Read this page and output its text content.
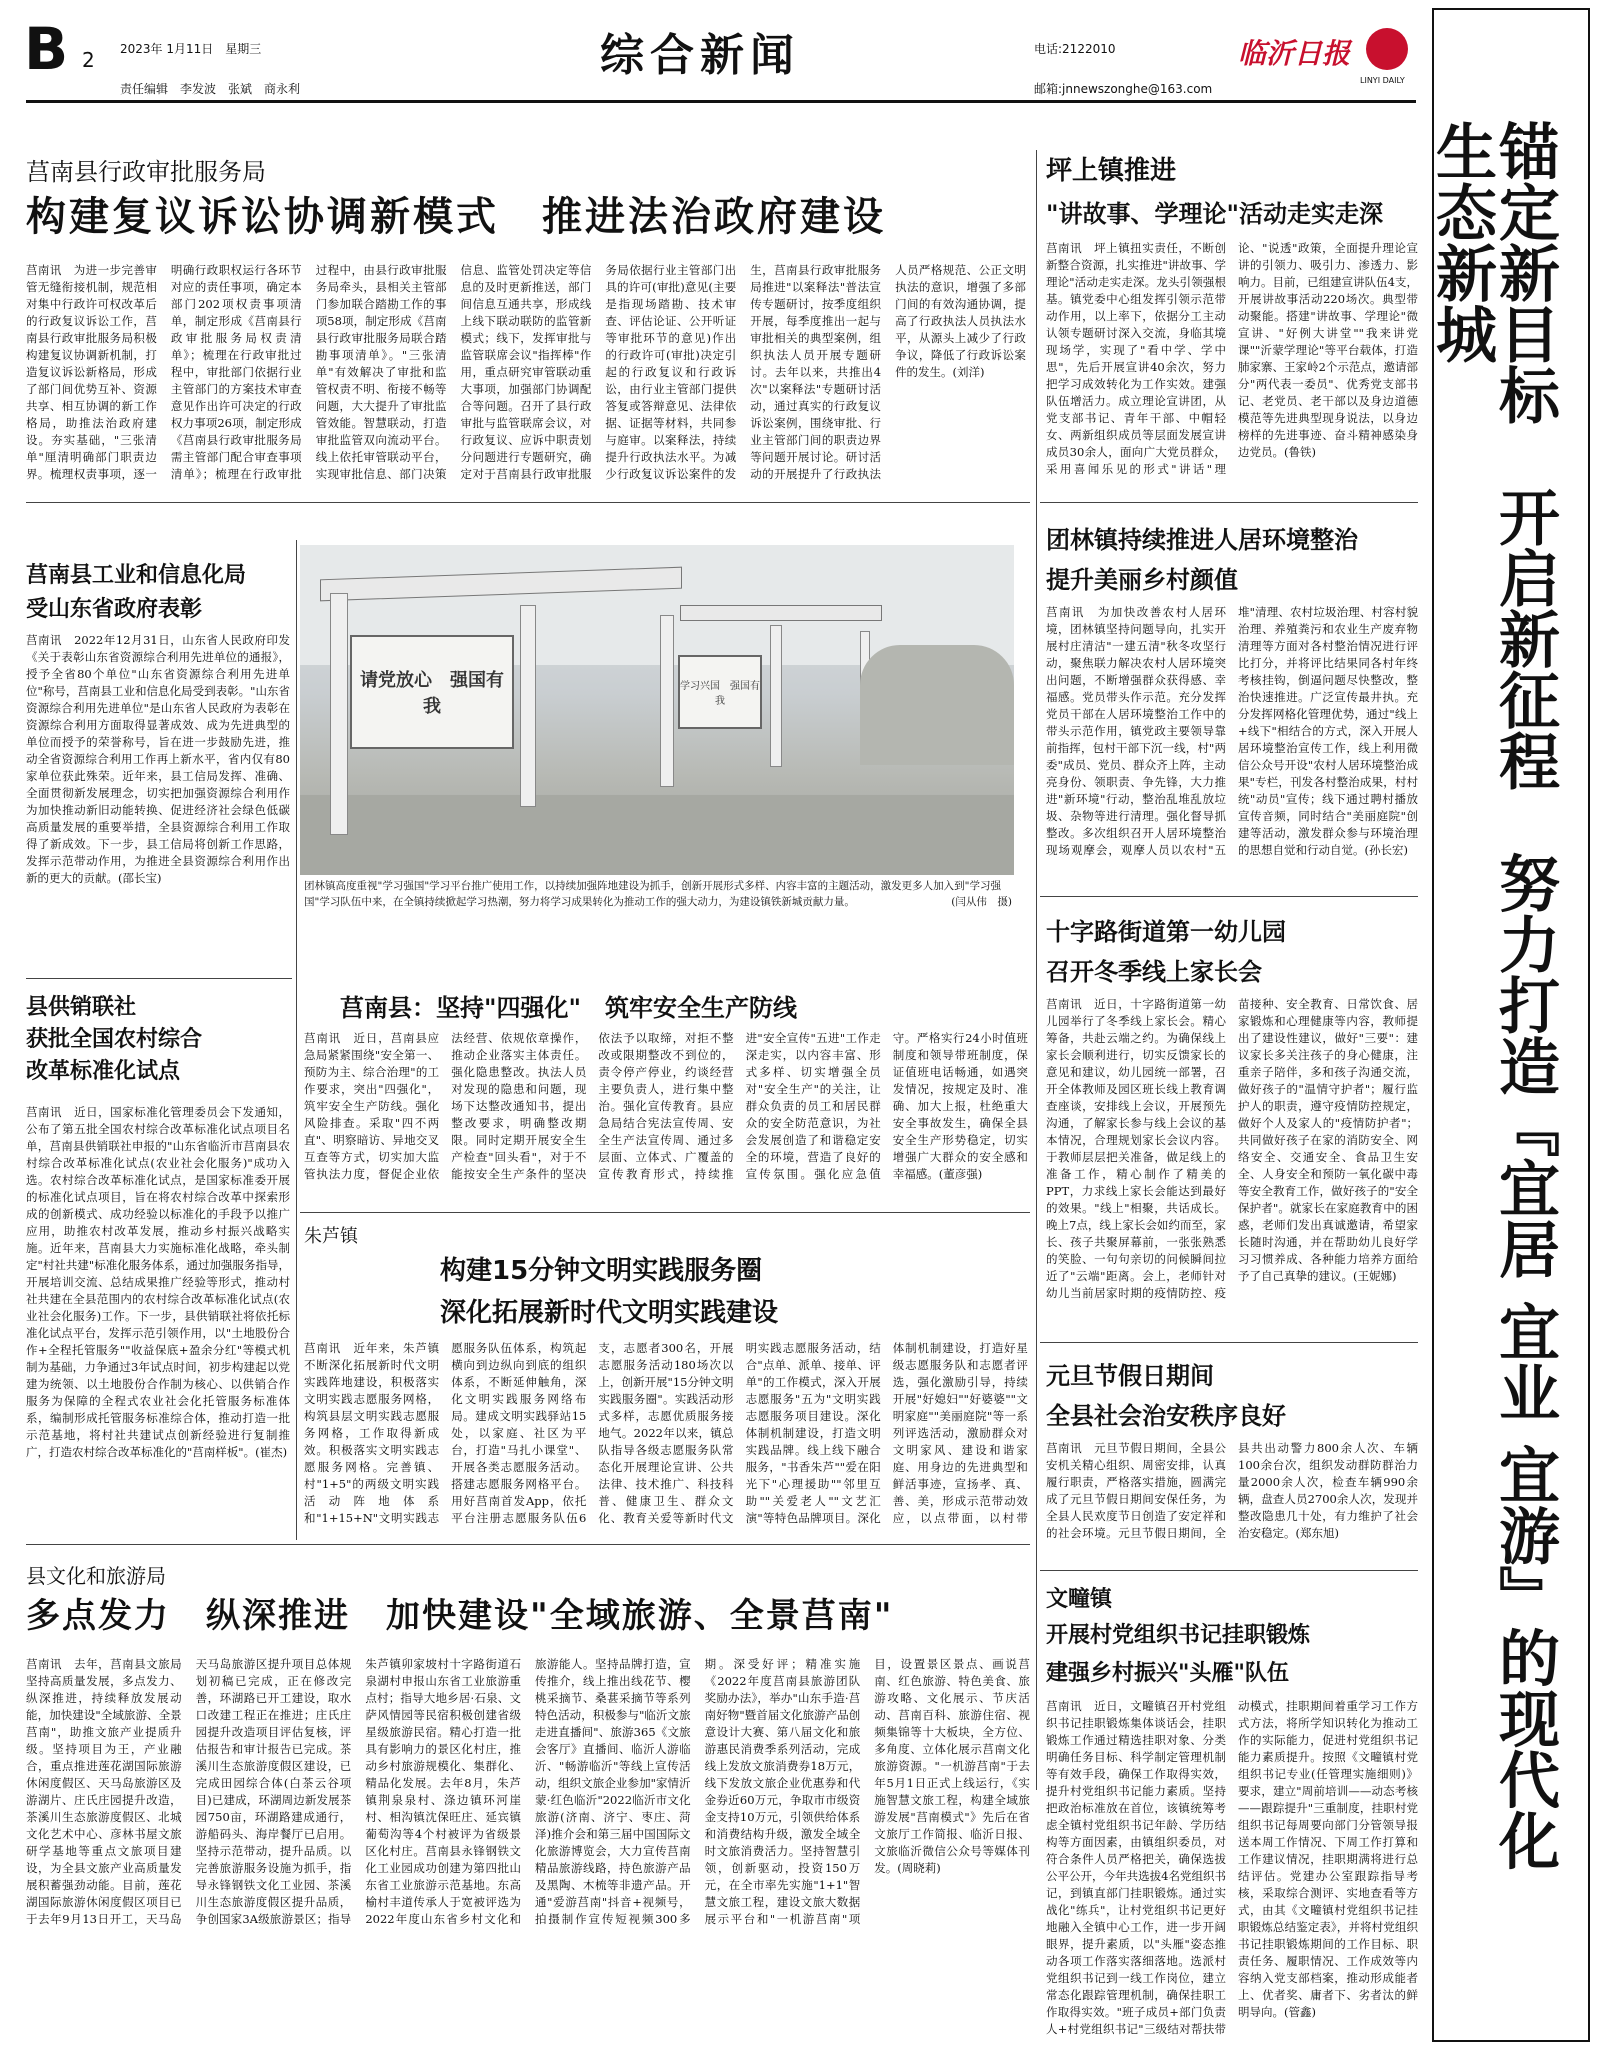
B 2 2023年 1月11日　星期三
责任编辑　李发波　张斌　商永利
综合新闻	电话:2122010
邮箱:jnnewszonghe@163.com
临沂日报
LINYI DAILY
锚定新目标　开启新征程　努力打造『宜居 宜业 宜游』的现代化生态新城
莒南县行政审批服务局
构建复议诉讼协调新模式　推进法治政府建设
莒南讯　为进一步完善审管无缝衔接机制，规范相对集中行政许可权改革后的行政复议诉讼工作，莒南县行政审批服务局积极构建复议协调新机制，打造复议诉讼新格局，形成了部门间优势互补、资源共享、相互协调的新工作格局，助推法治政府建设。夯实基础，"三张清单"厘清明确部门职责边界。梳理权责事项，逐一明确行政职权运行各环节对应的责任事项，确定本部门202项权责事项清单，制定形成《莒南县行政审批服务局权责清单》；梳理在行政审批过程中，审批部门依据行业主管部门的方案技术审查意见作出许可决定的行政权力事项26项，制定形成《莒南县行政审批服务局需主管部门配合审查事项清单》；梳理在行政审批过程中，由县行政审批服务局牵头，县相关主管部门参加联合踏勘工作的事项58项，制定形成《莒南县行政审批服务局联合踏勘事项清单》。"三张清单"有效解决了审批和监管权责不明、衔接不畅等问题，大大提升了审批监管效能。智慧联动，打造审批监管双向流动平台。线上依托审管联动平台，实现审批信息、部门决策信息、监管处罚决定等信息的及时更新推送，部门间信息互通共享，形成线上线下联动联防的监管新模式；线下，发挥审批与监管联席会议"指挥棒"作用，重点研究审管联动重大事项，加强部门协调配合等问题。召开了县行政审批与监管联席会议，对行政复议、应诉中职责划分问题进行专题研究，确定对于莒南县行政审批服务局依据行业主管部门出具的许可(审批)意见(主要是指现场踏勘、技术审查、评估论证、公开听证等审批环节的意见)作出的行政许可(审批)决定引起的行政复议和行政诉讼，由行业主管部门提供答复或答辩意见、法律依据、证据等材料，共同参与庭审。以案释法，持续提升行政执法水平。为减少行政复议诉讼案件的发生，莒南县行政审批服务局推进"以案释法"普法宣传专题研讨，按季度组织开展，每季度推出一起与审批相关的典型案例，组织执法人员开展专题研讨。去年以来，共推出4次"以案释法"专题研讨活动，通过真实的行政复议诉讼案例，围绕审批、行业主管部门间的职责边界等问题开展讨论。研讨活动的开展提升了行政执法人员严格规范、公正文明执法的意识，增强了多部门间的有效沟通协调，提高了行政执法人员执法水平，从源头上减少了行政争议，降低了行政诉讼案件的发生。(刘洋)
坪上镇推进
"讲故事、学理论"活动走实走深
莒南讯　坪上镇扭实责任，不断创新整合资源，扎实推进"讲故事、学理论"活动走实走深。龙头引领强根基。镇党委中心组发挥引领示范带动作用，以上率下，依据分工主动认领专题研讨深入交流，身临其境现场学，实现了"看中学、学中思"，先后开展宣讲40余次，努力把学习成效转化为工作实效。建强队伍增活力。成立理论宣讲团，从党支部书记、青年干部、中帽轻女、两新组织成员等层面发展宣讲成员30余人，面向广大党员群众，采用喜闻乐见的形式"讲话"理论、"说透"政策，全面提升理论宣讲的引领力、吸引力、渗透力、影响力。目前，已组建宣讲队伍4支，开展讲故事活动220场次。典型带动聚能。搭建"讲故事、学理论"微宣讲、"好例大讲堂""我来讲党课""沂蒙学理论"等平台载体，打造肺家寨、王家岭2个示范点，邀请部分"两代表一委员"、优秀党支部书记、老党员、老干部以及身边道德模范等先进典型现身说法，以身边榜样的先进事迹、奋斗精神感染身边党员。(鲁铁)
莒南县工业和信息化局
受山东省政府表彰
莒南讯　2022年12月31日，山东省人民政府印发《关于表彰山东省资源综合利用先进单位的通报》，授予全省80个单位"山东省资源综合利用先进单位"称号，莒南县工业和信息化局受到表彰。"山东省资源综合利用先进单位"是山东省人民政府为表彰在资源综合利用方面取得显著成效、成为先进典型的单位而授予的荣誉称号，旨在进一步鼓励先进，推动全省资源综合利用工作再上新水平，省内仅有80家单位获此殊荣。近年来，县工信局发挥、准确、全面贯彻新发展理念，切实把加强资源综合利用作为加快推动新旧动能转换、促进经济社会绿色低碳高质量发展的重要举措，全县资源综合利用工作取得了新成效。下一步，县工信局将创新工作思路，发挥示范带动作用，为推进全县资源综合利用作出新的更大的贡献。(邵长宝)
请党放心　强国有我
学习兴国　强国有我
团林镇高度重视"学习强国"学习平台推广使用工作，以持续加强阵地建设为抓手，创新开展形式多样、内容丰富的主题活动，激发更多人加入到"学习强国"学习队伍中来，在全镇持续掀起学习热潮，努力将学习成果转化为推动工作的强大动力，为建设镇铁新城贡献力量。	(闫从伟　摄)
团林镇持续推进人居环境整治
提升美丽乡村颜值
莒南讯　为加快改善农村人居环境，团林镇坚持问题导向，扎实开展村庄清洁"一建五清"秋冬攻坚行动，聚焦联力解决农村人居环境突出问题，不断增强群众获得感、幸福感。党员带头作示范。充分发挥党员干部在人居环境整治工作中的带头示范作用，镇党政主要领导靠前指挥，包村干部下沉一线，村"两委"成员、党员、群众齐上阵，主动亮身份、领职责、争先锋，大力推进"新环境"行动，整治乱堆乱放垃圾、杂物等进行清理。强化督导抓整改。多次组织召开人居环境整治现场观摩会，观摩人员以农村"五堆"清理、农村垃圾治理、村容村貌治理、养殖粪污和农业生产废弃物清理等方面对各村整治情况进行评比打分，并将评比结果同各村年终考核挂钩，倒逼问题尽快整改，整治快速推进。广泛宣传最井执。充分发挥网格化管理优势，通过"线上+线下"相结合的方式，深入开展人居环境整治宣传工作，线上利用微信公众号开设"农村人居环境整治成果"专栏，刊发各村整治成果，村村统"动员"宣传；线下通过聘村播放宣传音频，同时结合"美丽庭院"创建等活动，激发群众参与环境治理的思想自觉和行动自觉。(孙长宏)
县供销联社
获批全国农村综合
改革标准化试点
莒南讯　近日，国家标准化管理委员会下发通知，公布了第五批全国农村综合改革标准化试点项目名单，莒南县供销联社申报的"山东省临沂市莒南县农村综合改革标准化试点(农业社会化服务)"成功入选。农村综合改革标准化试点，是国家标准委开展的标准化试点项目，旨在将农村综合改革中探索形成的创新模式、成功经验以标准化的手段予以推广应用，助推农村改革发展，推动乡村振兴战略实施。近年来，莒南县大力实施标准化战略，牵头制定"村社共建"标准化服务体系，通过加强服务指导，开展培训交流、总结成果推广经验等形式，推动村社共建在全县范围内的农村综合改革标准化试点(农业社会化服务)工作。下一步，县供销联社将依托标准化试点平台，发挥示范引领作用，以"土地股份合作+全程托管服务""收益保底+盈余分红"等模式机制为基础，力争通过3年试点时间，初步构建起以党建为统领、以土地股份合作制为核心、以供销合作服务为保障的全程式农业社会化托管服务标准体系，编制形成托管服务标准综合体，推动打造一批示范基地，将村社共建试点创新经验进行复制推广，打造农村综合改革标准化的"莒南样板"。(崔杰)
莒南县：坚持"四强化"　筑牢安全生产防线
莒南讯　近日，莒南县应急局紧紧围绕"安全第一、预防为主、综合治理"的工作要求，突出"四强化"，筑牢安全生产防线。强化风险排查。采取"四不两直"、明察暗访、异地交叉互查等方式，切实加大监管执法力度，督促企业依法经营、依规依章操作，推动企业落实主体责任。强化隐患整改。执法人员对发现的隐患和问题，现场下达整改通知书，提出整改要求，明确整改期限。同时定期开展安全生产检查"回头看"，对于不能按安全生产条件的坚决依法予以取缔，对拒不整改或限期整改不到位的，责令停产停业，约谈经营主要负责人，进行集中整治。强化宣传教育。县应急局结合宪法宣传周、安全生产法宣传周、通过多层面、立体式、广覆盖的宣传教育形式，持续推进"安全宣传"五进"工作走深走实，以内容丰富、形式多样、切实增强全员对"安全生产"的关注，让群众负责的员工和居民群众的安全防范意识，为社会发展创造了和谐稳定安全的环境，营造了良好的宣传氛围。强化应急值守。严格实行24小时值班制度和领导带班制度，保证值班电话畅通，如遇突发情况，按规定及时、准确、加大上报，杜绝重大安全事故发生，确保全县安全生产形势稳定，切实增强广大群众的安全感和幸福感。(董彦强)
十字路街道第一幼儿园
召开冬季线上家长会
莒南讯　近日，十字路街道第一幼儿园举行了冬季线上家长会。精心筹备，共赴云端之约。为确保线上家长会顺利进行，切实反馈家长的意见和建议，幼儿园统一部署，召开全体教师及园区班长线上教育调查座谈，安排线上会议，开展预先沟通，了解家长参与线上会议的基本情况，合理规划家长会议内容。于教师层层把关准备，做足线上的准备工作，精心制作了精美的PPT，力求线上家长会能达到最好的效果。"线上"相聚，共话成长。晚上7点，线上家长会如约而至，家长、孩子共聚屏幕前，一张张熟悉的笑脸、一句句亲切的问候瞬间拉近了"云端"距离。会上，老师针对幼儿当前居家时期的疫情防控、疫苗接种、安全教育、日常饮食、居家锻炼和心理健康等内容，教师提出了建设性建议，做好"三要"：建议家长多关注孩子的身心健康，注重亲子陪伴，多和孩子沟通交流，做好孩子的"温情守护者"；履行监护人的职责，遵守疫情防控规定，做好个人及家人的"疫情防护者"；共同做好孩子在家的消防安全、网络安全、交通安全、食品卫生安全、人身安全和预防一氧化碳中毒等安全教育工作，做好孩子的"安全保护者"。就家长在家庭教育中的困惑，老师们发出真诚邀请，希望家长随时沟通，并在帮助幼儿良好学习习惯养成、各种能力培养方面给予了自己真挚的建议。(王妮娜)
朱芦镇
构建15分钟文明实践服务圈
深化拓展新时代文明实践建设
莒南讯　近年来，朱芦镇不断深化拓展新时代文明实践阵地建设，积极落实文明实践志愿服务网格，构筑县层文明实践志愿服务网格，工作取得新成效。积极落实文明实践志愿服务网格。完善镇、村"1+5"的两级文明实践活动阵地体系和"1+15+N"文明实践志愿服务队伍体系，构筑起横向到边纵向到底的组织体系，不断延伸触角，深化文明实践服务网络布局。建成文明实践驿站15处，以家庭、社区为平台，打造"马扎小课堂"、开展各类志愿服务活动。搭建志愿服务网格平台。用好莒南首发App，依托平台注册志愿服务队伍6支，志愿者300名，开展志愿服务活动180场次以上，创新开展"15分钟文明实践服务圈"。实践活动形式多样，志愿优质服务接地气。2022年以来，镇总队指导各级志愿服务队常态化开展理论宣讲、公共法律、技术推广、科技科普、健康卫生、群众文化、教育关爱等新时代文明实践志愿服务活动，结合"点单、派单、接单、评单"的工作模式，深入开展志愿服务"五为"文明实践志愿服务项目建设。深化体制机制建设，打造文明实践品牌。线上线下融合服务，"书香朱芦""爱在阳光下"心理援助""邻里互助""关爱老人""文艺汇演"等特色品牌项目。深化体制机制建设，打造好星级志愿服务队和志愿者评选，强化激励引导，持续开展"好媳妇""好婆婆""文明家庭""美丽庭院"等一系列评选活动，激励群众对文明家风、建设和谐家庭、用身边的先进典型和鲜活事迹，宣扬孝、真、善、美，形成示范带动效应，以点带面，以村带
元旦节假日期间
全县社会治安秩序良好
莒南讯　元旦节假日期间，全县公安机关精心组织、周密安排，认真履行职责，严格落实措施，圆满完成了元旦节假日期间安保任务，为全县人民欢度节日创造了安定祥和的社会环境。元旦节假日期间，全县共出动警力800余人次、车辆100余台次，组织发动群防群治力量2000余人次，检查车辆990余辆，盘查人员2700余人次，发现并整改隐患几十处，有力维护了社会治安稳定。(郑东旭)
文疃镇
开展村党组织书记挂职锻炼
建强乡村振兴"头雁"队伍
莒南讯　近日，文疃镇召开村党组织书记挂职锻炼集体谈话会，挂职锻炼工作通过精选挂职对象、分类明确任务目标、科学制定管理机制等有效手段，确保工作取得实效，提升村党组织书记能力素质。坚持把政治标准放在首位，该镇统筹考虑全镇村党组织书记年龄、学历结构等方面因素，由镇组织委员，对符合条件人员严格把关，确保选拔公平公开，今年共选拔4名党组织书记，到镇直部门挂职锻炼。通过实战化"练兵"，让村党组织书记更好地融入全镇中心工作，进一步开阔眼界，提升素质，以"头雁"姿态推动各项工作落实落细落地。选派村党组织书记到一线工作岗位，建立常态化跟踪管理机制，确保挂职工作取得实效。"班子成员+部门负责人+村党组织书记"三级结对帮扶带动模式，挂职期间着重学习工作方式方法，将所学知识转化为推动工作的实际能力，促进村党组织书记能力素质提升。按照《文疃镇村党组织书记专业(任管理实施细则)》要求，建立"周前培训——动态考核——跟踪提升"三重制度，挂职村党组织书记每周要向部门分管领导报送本周工作情况、下周工作打算和工作建议情况，挂职期满将进行总结评估。党建办公室跟踪指导考核，采取综合测评、实地查看等方式，由其《文疃镇村党组织书记挂职锻炼总结鉴定表》，并将村党组织书记挂职锻炼期间的工作目标、职责任务、履职情况、工作成效等内容纳入党支部档案，推动形成能者上、优者奖、庸者下、劣者汰的鲜明导向。(管鑫)
县文化和旅游局
多点发力　纵深推进　加快建设"全域旅游、全景莒南"
莒南讯　去年，莒南县文旅局坚持高质量发展，多点发力、纵深推进，持续释放发展动能，加快建设"全域旅游、全景莒南"，助推文旅产业提质升级。坚持项目为王，产业融合，重点推进莲花湖国际旅游休闲度假区、天马岛旅游区及游湖片、庄氏庄园提升改造，茶溪川生态旅游度假区、北城文化艺术中心、彦林书屋文旅研学基地等重点文旅项目建设，为全县文旅产业高质量发展积蓄强劲动能。目前，莲花湖国际旅游休闲度假区项目已于去年9月13日开工，天马岛天马岛旅游区提升项目总体规划初稿已完成，正在修改完善，环湖路已开工建设，取水口改建工程正在推进；庄氏庄园提升改造项目评估复核，评估报告和审计报告已完成。茶溪川生态旅游度假区建设，已完成田园综合体(白茶云谷项目)已建成，环湖周边新发展茶园750亩，环湖路建成通行，游船码头、海岸餐厅已启用。坚持示范带动，提升品质。以完善旅游服务设施为抓手，指导永锋钢铁文化工业园、茶溪川生态旅游度假区提升品质，争创国家3A级旅游景区；指导朱芦镇卯家坡村十字路街道石泉湖村申报山东省工业旅游重点村；指导大地乡居·石泉、文萨风情园等民宿积极创建省级星级旅游民宿。精心打造一批具有影响力的景区化村庄，推动乡村旅游规模化、集群化、精品化发展。去年8月，朱芦镇荆泉泉村、涤边镇环河崖村、相沟镇沈保旺庄、延宾镇葡萄沟等4个村被评为省级景区化村庄。莒南县永锋钢铁文化工业园成功创建为第四批山东省工业旅游示范基地。东高榆村丰道传承人于宽被评选为2022年度山东省乡村文化和旅游能人。坚持品牌打造，宣传推介，线上推出线花节、樱桃采摘节、桑葚采摘节等系列特色活动，积极参与"临沂文旅走进直播间"、旅游365《文旅会客厅》直播间、临沂人游临沂、"畅游临沂"等线上宣传活动，组织文旅企业参加"家情沂蒙·红色临沂"2022临沂市文化旅游(济南、济宁、枣庄、菏泽)推介会和第三届中国国际文化旅游博览会，大力宣传莒南精品旅游线路，持色旅游产品及黑陶、木梳等非遗产品。开通"爱游莒南"抖音+视频号，拍摄制作宣传短视频300多期。深受好评；精准实施《2022年度莒南县旅游团队奖励办法》，举办"山东手造·莒南好物"暨首届文化旅游产品创意设计大赛、第八届文化和旅游惠民消费季系列活动，完成线上发放文旅消费券18万元，线下发放文旅企业优惠券和代金券近60万元，争取市市级资金支持10万元，引领供给体系和消费结构升级，激发全域全时文旅消费活力。坚持智慧引领，创新驱动，投资150万元，在全市率先实施"1+1"智慧文旅工程，建设文旅大数据展示平台和"一机游莒南"项目，设置景区景点、画说莒南、红色旅游、特色美食、旅游攻略、文化展示、节庆活动、莒南百科、旅游住宿、视频集锦等十大板块，全方位、多角度、立体化展示莒南文化旅游资源。"一机游莒南"于去年5月1日正式上线运行，《实施智慧文旅工程，构建全域旅游发展"莒南模式"》先后在省文旅厅工作简报、临沂日报、文旅临沂微信公众号等媒体刊发。(周晓莉)
